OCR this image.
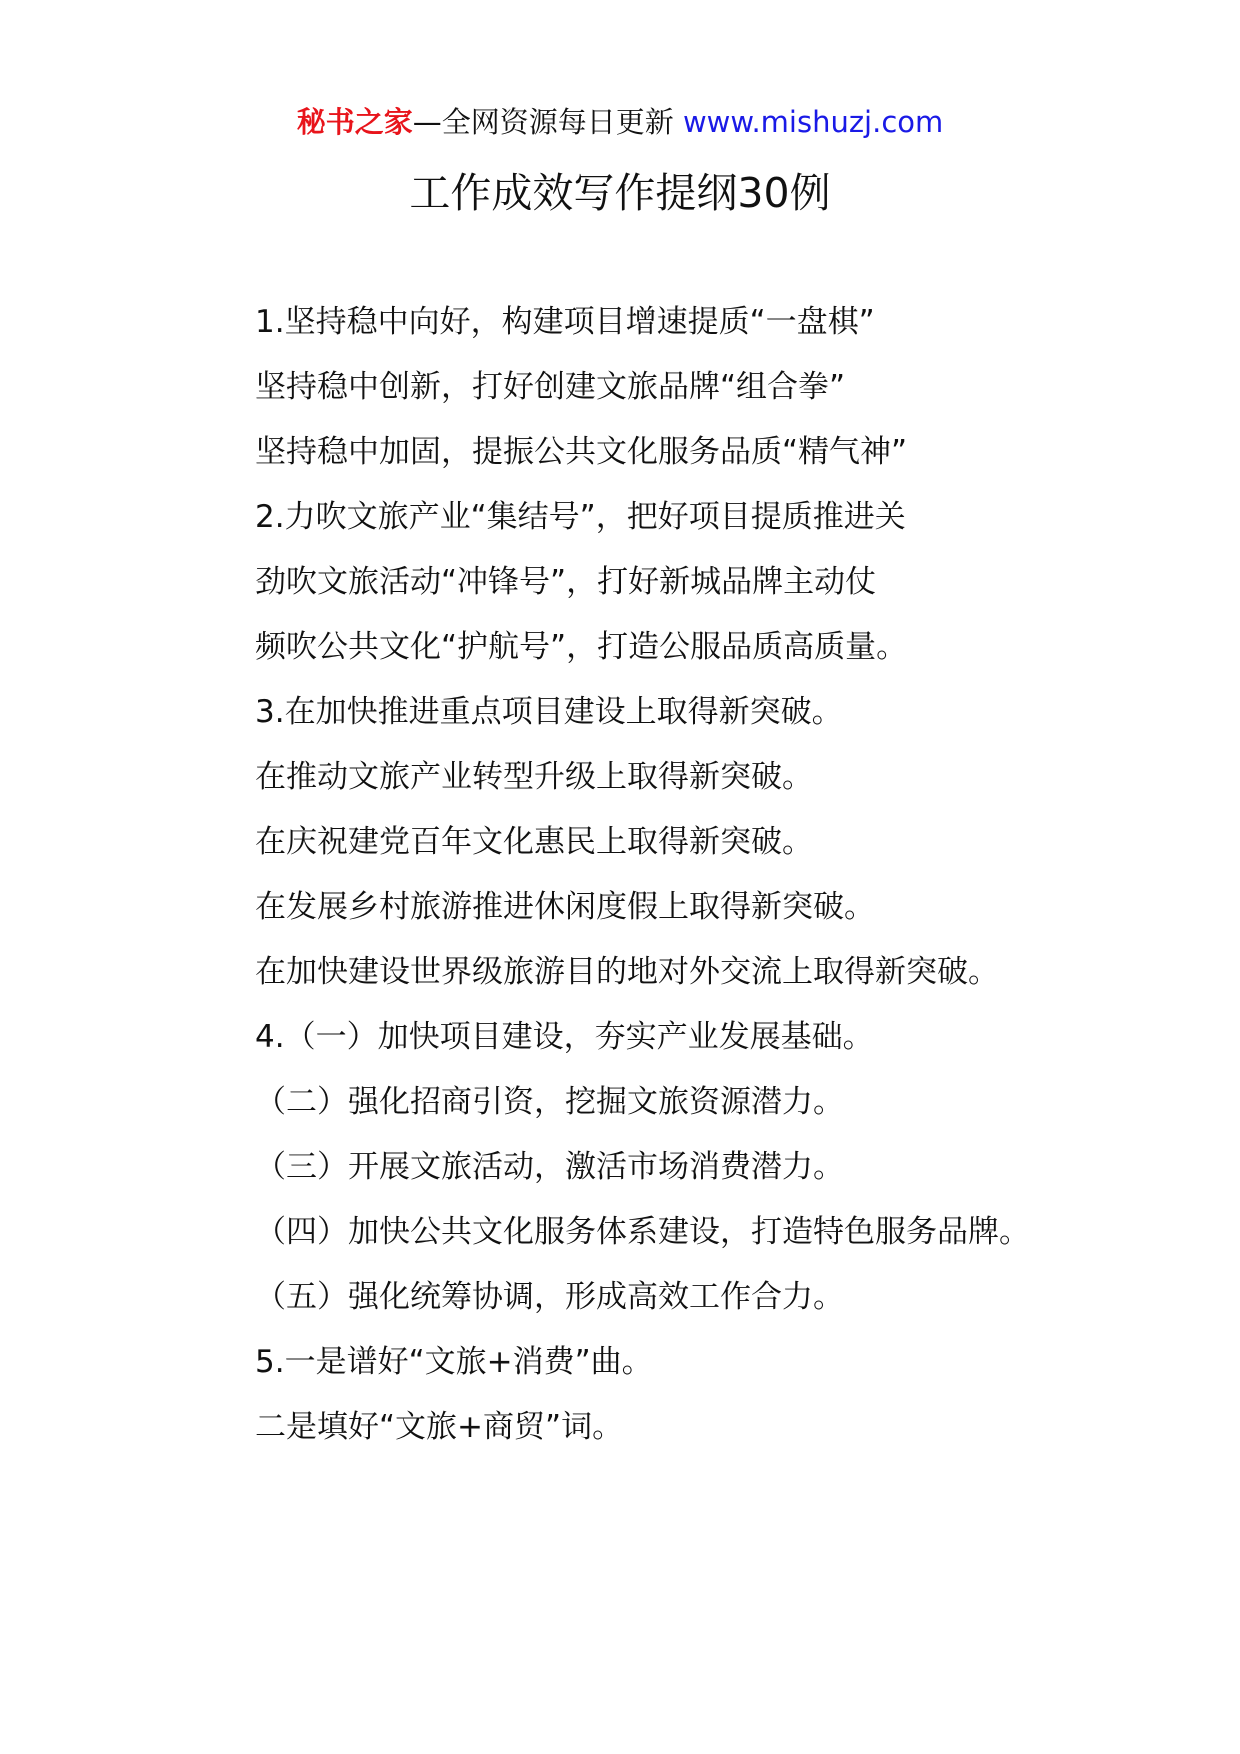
秘书之家—全网资源每日更新 www.mishuzj.com
工作成效写作提纲30例

1.坚持稳中向好，构建项目增速提质“一盘棋”

坚持稳中创新，打好创建文旅品牌“组合拳”

坚持稳中加固，提振公共文化服务品质“精气神”

2.力吹文旅产业“集结号”，把好项目提质推进关

劲吹文旅活动“冲锋号”，打好新城品牌主动仗

频吹公共文化“护航号”，打造公服品质高质量。

3.在加快推进重点项目建设上取得新突破。

在推动文旅产业转型升级上取得新突破。

在庆祝建党百年文化惠民上取得新突破。

在发展乡村旅游推进休闲度假上取得新突破。

在加快建设世界级旅游目的地对外交流上取得新突破。

4.（一）加快项目建设，夯实产业发展基础。

（二）强化招商引资，挖掘文旅资源潜力。

（三）开展文旅活动，激活市场消费潜力。

（四）加快公共文化服务体系建设，打造特色服务品牌。

（五）强化统筹协调，形成高效工作合力。

5.一是谱好“文旅+消费”曲。

二是填好“文旅+商贸”词。
